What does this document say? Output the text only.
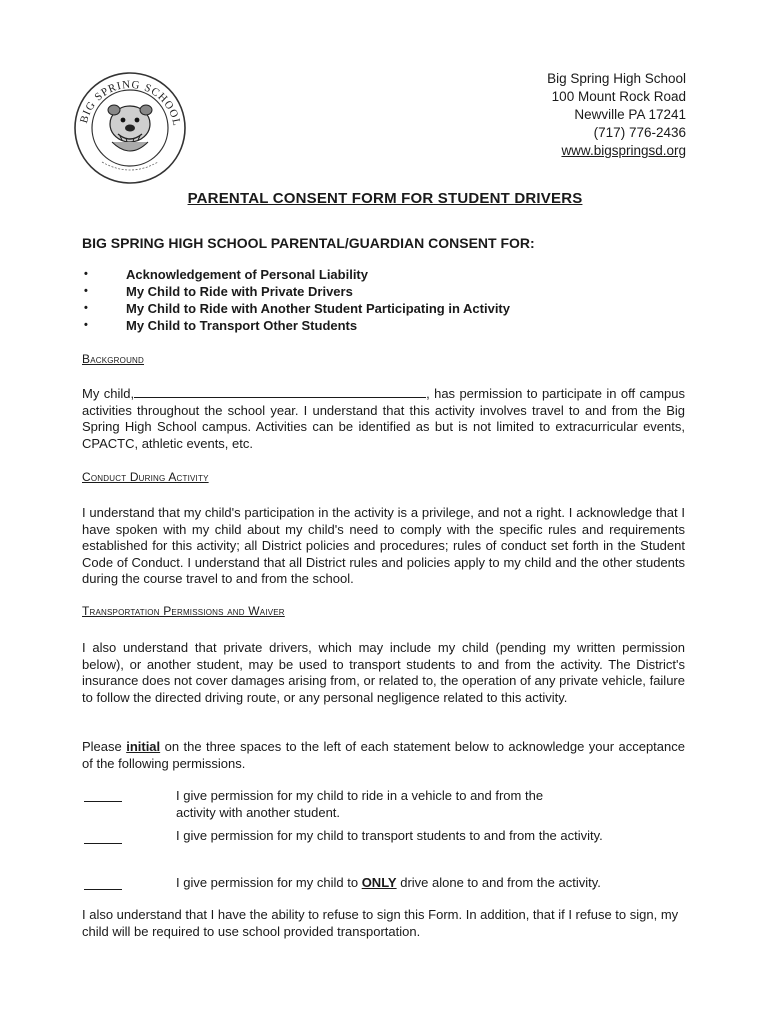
BIG SPRING SCHOOL
Big Spring High School
100 Mount Rock Road
Newville PA 17241
(717) 776-2436
www.bigspringsd.org
PARENTAL CONSENT FORM FOR STUDENT DRIVERS
BIG SPRING HIGH SCHOOL PARENTAL/GUARDIAN CONSENT FOR:
•	Acknowledgement of Personal Liability
•	My Child to Ride with Private Drivers
•	My Child to Ride with Another Student Participating in Activity
•	My Child to Transport Other Students
Background

My child,	, has permission to participate in off campus activities throughout the school year. I understand that this activity involves travel to and from the Big Spring High School campus. Activities can be identified as but is not limited to extracurricular events, CPACTC, athletic events, etc.

Conduct During Activity

I understand that my child's participation in the activity is a privilege, and not a right. I acknowledge that I have spoken with my child about my child's need to comply with the specific rules and requirements established for this activity; all District policies and procedures; rules of conduct set forth in the Student Code of Conduct. I understand that all District rules and policies apply to my child and the other students during the course travel to and from the school.

Transportation Permissions and Waiver

I also understand that private drivers, which may include my child (pending my written permission below), or another student, may be used to transport students to and from the activity. The District's insurance does not cover damages arising from, or related to, the operation of any private vehicle, failure to follow the directed driving route, or any personal negligence related to this activity.

Please initial on the three spaces to the left of each statement below to acknowledge your acceptance of the following permissions.

I give permission for my child to ride in a vehicle to and from the
activity with another student.
I give permission for my child to transport students to and from the activity.
I give permission for my child to ONLY drive alone to and from the activity.

I also understand that I have the ability to refuse to sign this Form. In addition, that if I refuse to sign, my child will be required to use school provided transportation.
